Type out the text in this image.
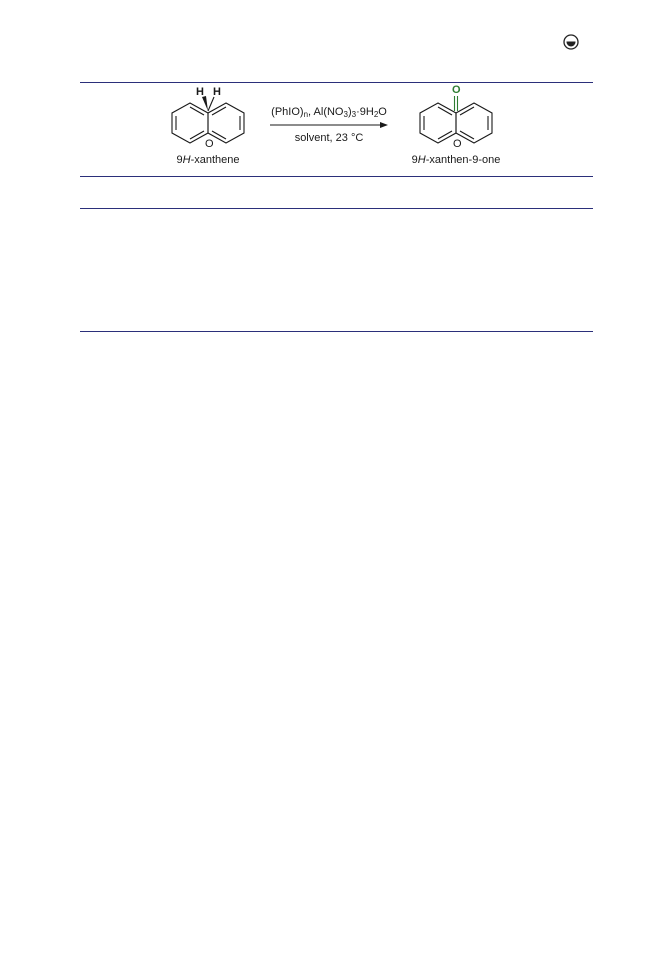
H H
O
O
O
9H-xanthene	9H-xanthen-9-one
$(PhIO)_n$, $Al(NO_3)_3\cdot 9H_2O$
solvent, 23 °C
